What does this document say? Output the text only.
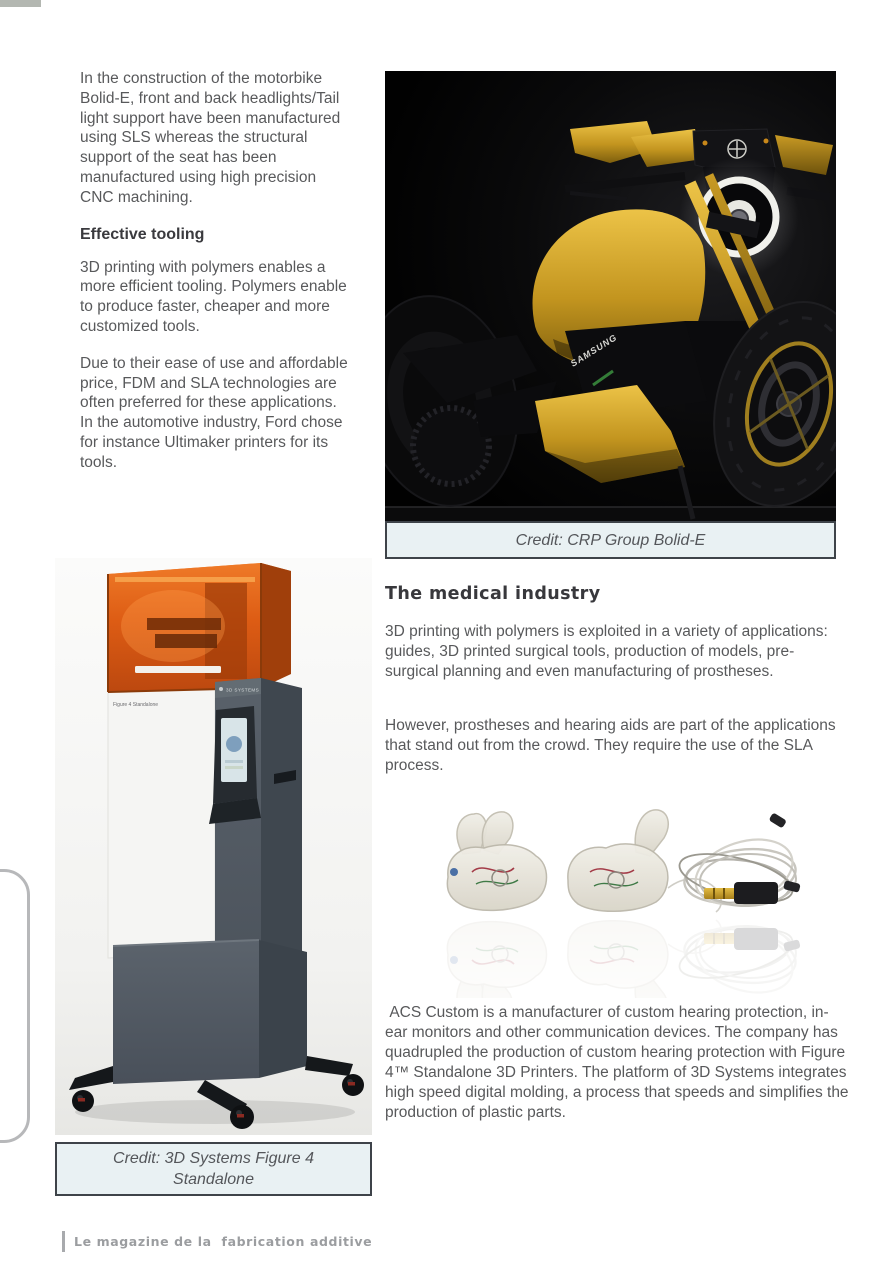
In the construction of the motorbike Bolid-E, front and back headlights/Tail light support have been manufactured using SLS whereas the structural support of the seat has been manufactured using high precision CNC machining.

Effective tooling

3D printing with polymers enables a more efficient tooling. Polymers enable to produce faster, cheaper and more customized tools.

Due to their ease of use and affordable price, FDM and SLA technologies are often preferred for these applications. In the automotive industry, Ford chose for instance Ultimaker printers for its tools.

SAMSUNG
Credit: CRP Group Bolid-E
The medical industry

3D printing with polymers is exploited in a variety of applications: guides, 3D printed surgical tools, production of models, pre-surgical planning and even manufacturing of prostheses.

However, prostheses and hearing aids are part of the applications that stand out from the crowd. They require the use of the SLA process.

ACS Custom is a manufacturer of custom hearing protection, in-ear monitors and other communication devices. The company has quadrupled the production of custom hearing protection with Figure 4™ Standalone 3D Printers. The platform of 3D Systems integrates high speed digital molding, a process that speeds and simplifies the production of plastic parts.

Figure 4 Standalone
3D SYSTEMS
Credit: 3D Systems Figure 4 Standalone
Le magazine de la  fabrication additive
